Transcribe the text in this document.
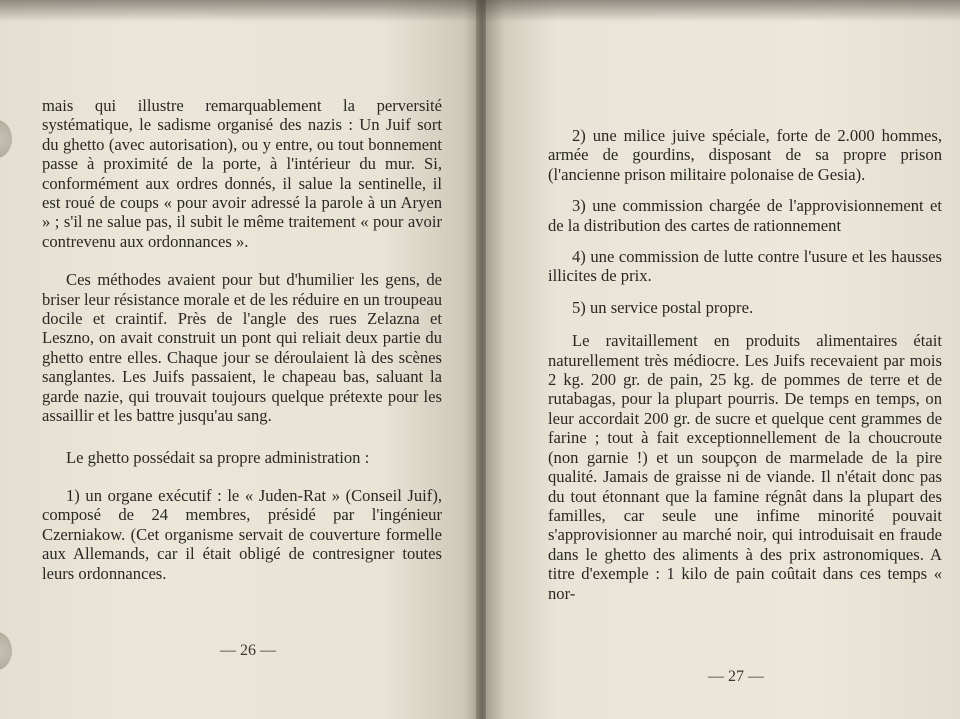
mais qui illustre remarquablement la perversité systématique, le sadisme organisé des nazis : Un Juif sort du ghetto (avec autorisation), ou y entre, ou tout bonnement passe à proximité de la porte, à l'intérieur du mur. Si, conformément aux ordres donnés, il salue la sentinelle, il est roué de coups « pour avoir adressé la parole à un Aryen » ; s'il ne salue pas, il subit le même traitement « pour avoir contrevenu aux ordonnances ».

Ces méthodes avaient pour but d'humilier les gens, de briser leur résistance morale et de les réduire en un troupeau docile et craintif. Près de l'angle des rues Zelazna et Leszno, on avait construit un pont qui reliait deux partie du ghetto entre elles. Chaque jour se déroulaient là des scènes sanglantes. Les Juifs passaient, le chapeau bas, saluant la garde nazie, qui trouvait toujours quelque prétexte pour les assaillir et les battre jusqu'au sang.

Le ghetto possédait sa propre administration :

1) un organe exécutif : le « Juden-Rat » (Conseil Juif), composé de 24 membres, présidé par l'ingénieur Czerniakow. (Cet organisme servait de couverture formelle aux Allemands, car il était obligé de contresigner toutes leurs ordonnances.

— 26 —

2) une milice juive spéciale, forte de 2.000 hommes, armée de gourdins, disposant de sa propre prison (l'ancienne prison militaire polonaise de Gesia).

3) une commission chargée de l'approvisionnement et de la distribution des cartes de rationnement

4) une commission de lutte contre l'usure et les hausses illicites de prix.

5) un service postal propre.

Le ravitaillement en produits alimentaires était naturellement très médiocre. Les Juifs recevaient par mois 2 kg. 200 gr. de pain, 25 kg. de pommes de terre et de rutabagas, pour la plupart pourris. De temps en temps, on leur accordait 200 gr. de sucre et quelque cent grammes de farine ; tout à fait exceptionnellement de la choucroute (non garnie !) et un soupçon de marmelade de la pire qualité. Jamais de graisse ni de viande. Il n'était donc pas du tout étonnant que la famine régnât dans la plupart des familles, car seule une infime minorité pouvait s'approvisionner au marché noir, qui introduisait en fraude dans le ghetto des aliments à des prix astronomiques. A titre d'exemple : 1 kilo de pain coûtait dans ces temps « nor-

— 27 —
